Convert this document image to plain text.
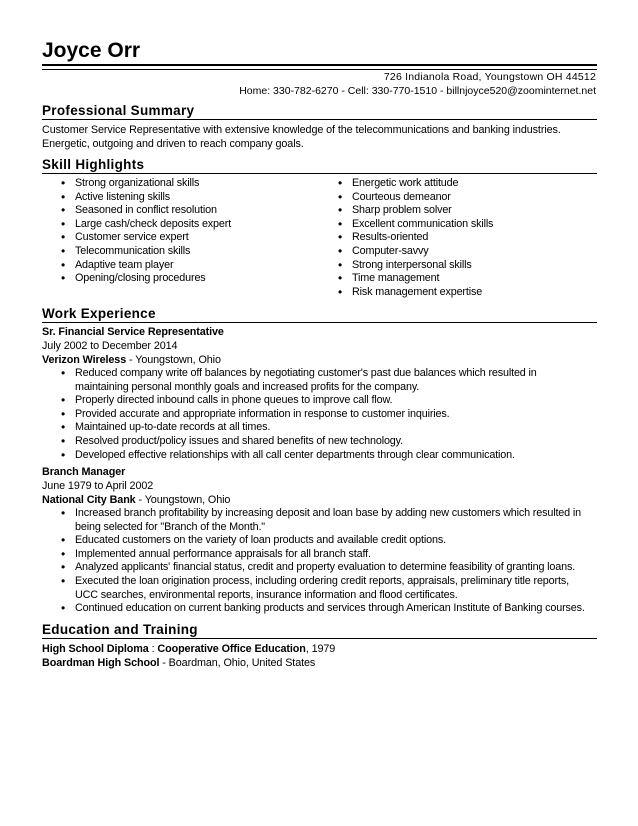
Joyce Orr
726 Indianola Road, Youngstown OH 44512
Home: 330-782-6270 - Cell: 330-770-1510 - billnjoyce520@zoominternet.net
Professional Summary

Customer Service Representative with extensive knowledge of the telecommunications and banking industries.

Energetic, outgoing and driven to reach company goals.

Skill Highlights
• Strong organizational skills
• Active listening skills
• Seasoned in conflict resolution
• Large cash/check deposits expert
• Customer service expert
• Telecommunication skills
• Adaptive team player
• Opening/closing procedures
• Energetic work attitude
• Courteous demeanor
• Sharp problem solver
• Excellent communication skills
• Results-oriented
• Computer-savvy
• Strong interpersonal skills
• Time management
• Risk management expertise
Work Experience

Sr. Financial Service Representative

July 2002 to December 2014

Verizon Wireless - Youngstown, Ohio

• Reduced company write off balances by negotiating customer's past due balances which resulted in maintaining personal monthly goals and increased profits for the company.
• Properly directed inbound calls in phone queues to improve call flow.
• Provided accurate and appropriate information in response to customer inquiries.
• Maintained up-to-date records at all times.
• Resolved product/policy issues and shared benefits of new technology.
• Developed effective relationships with all call center departments through clear communication.

Branch Manager

June 1979 to April 2002

National City Bank - Youngstown, Ohio

• Increased branch profitability by increasing deposit and loan base by adding new customers which resulted in being selected for "Branch of the Month."
• Educated customers on the variety of loan products and available credit options.
• Implemented annual performance appraisals for all branch staff.
• Analyzed applicants' financial status, credit and property evaluation to determine feasibility of granting loans.
• Executed the loan origination process, including ordering credit reports, appraisals, preliminary title reports, UCC searches, environmental reports, insurance information and flood certificates.
• Continued education on current banking products and services through American Institute of Banking courses.
Education and Training

High School Diploma : Cooperative Office Education, 1979

Boardman High School - Boardman, Ohio, United States
